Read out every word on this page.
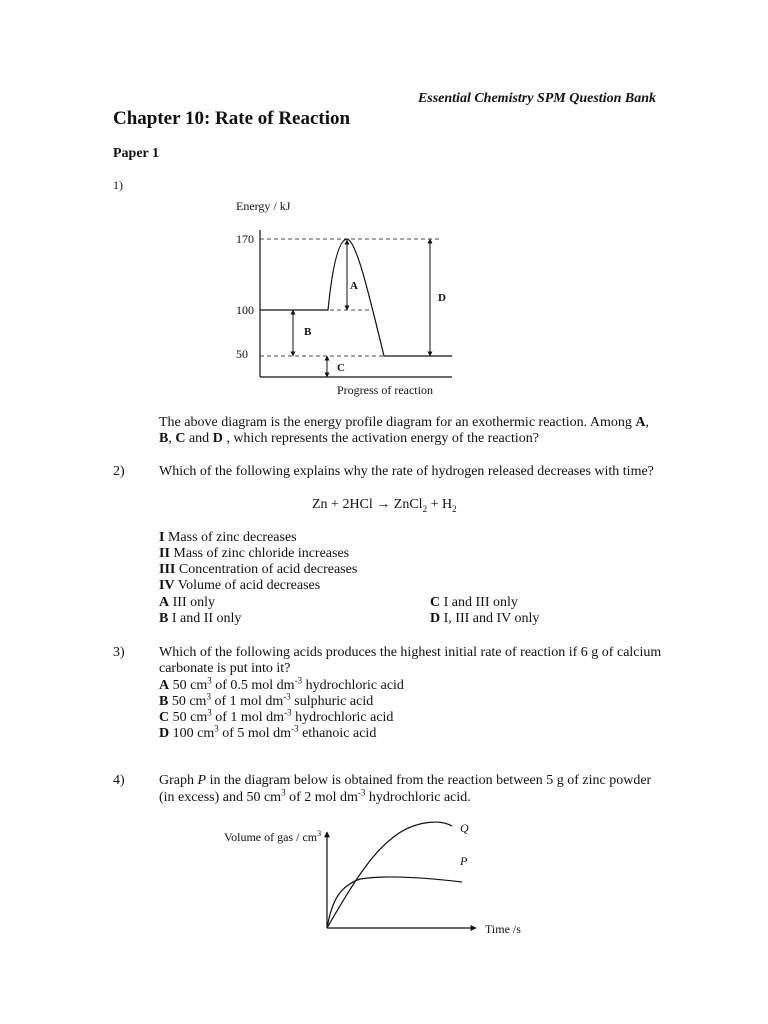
Essential Chemistry SPM Question Bank
Chapter 10: Rate of Reaction
Paper 1
1)
Energy / kJ
170
100
50
A
B
C
D
Progress of reaction
The above diagram is the energy profile diagram for an exothermic reaction. Among A,
B, C and D , which represents the activation energy of the reaction?
2) Which of the following explains why the rate of hydrogen released decreases with time?
Zn + 2HCl → ZnCl$_2$ + $H_2$
I Mass of zinc decreases
II Mass of zinc chloride increases
III Concentration of acid decreases
IV Volume of acid decreases
A III only
B I and II only
C I and III only
D I, III and IV only
3) Which of the following acids produces the highest initial rate of reaction if 6 g of calcium
carbonate is put into it?
A 50 $cm^3$ of 0.5 mol $dm^{-3}$ hydrochloric acid
B 50 $cm^3$ of 1 mol $dm^{-3}$ sulphuric acid
C 50 $cm^3$ of 1 mol $dm^{-3}$ hydrochloric acid
D 100 $cm^3$ of 5 mol $dm^{-3}$ ethanoic acid
4) Graph P in the diagram below is obtained from the reaction between 5 g of zinc powder
(in excess) and 50 $cm^3$ of 2 mol $dm^{-3}$ hydrochloric acid.
Volume of gas / $cm^3$	Q
P
Time /s
